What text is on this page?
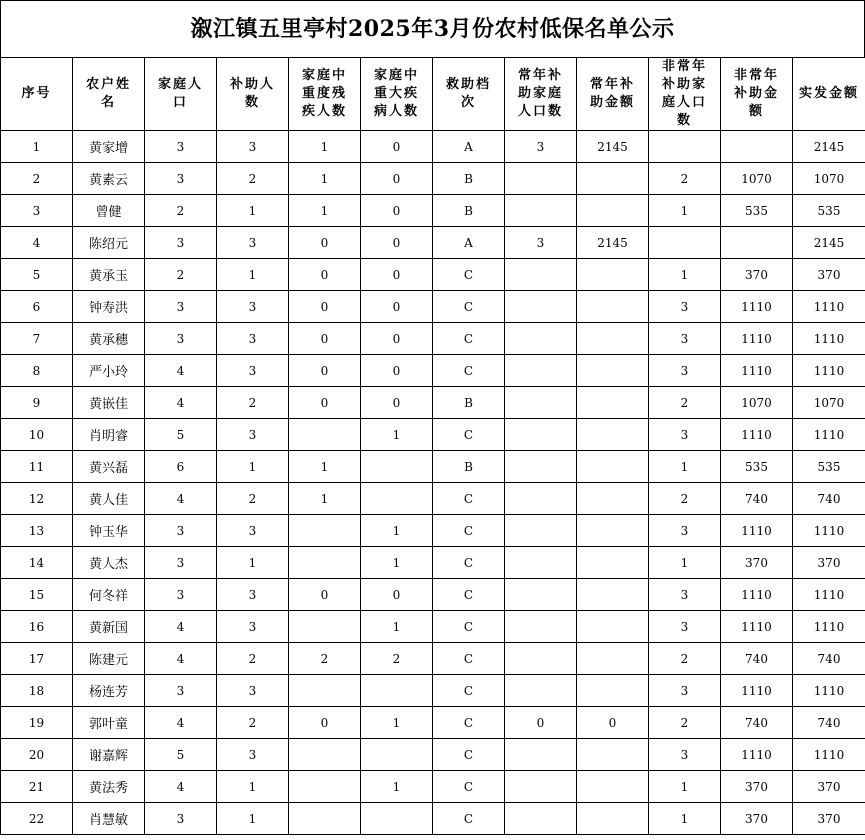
溆江镇五里亭村2025年3月份农村低保名单公示
序号	农户姓名	家庭人口	补助人数	家庭中重度残疾人数	家庭中重大疾病人数	救助档次	常年补助家庭人口数	常年补助金额	非常年补助家庭人口数	非常年补助金额	实发金额
1	黄家增	3	3	1	0	A	3	2145			2145
2	黄素云	3	2	1	0	B			2	1070	1070
3	曾健	2	1	1	0	B			1	535	535
4	陈绍元	3	3	0	0	A	3	2145			2145
5	黄承玉	2	1	0	0	C			1	370	370
6	钟寿洪	3	3	0	0	C			3	1110	1110
7	黄承穗	3	3	0	0	C			3	1110	1110
8	严小玲	4	3	0	0	C			3	1110	1110
9	黄嵌佳	4	2	0	0	B			2	1070	1070
10	肖明睿	5	3		1	C			3	1110	1110
11	黄兴磊	6	1	1		B			1	535	535
12	黄人佳	4	2	1		C			2	740	740
13	钟玉华	3	3		1	C			3	1110	1110
14	黄人杰	3	1		1	C			1	370	370
15	何冬祥	3	3	0	0	C			3	1110	1110
16	黄新国	4	3		1	C			3	1110	1110
17	陈建元	4	2	2	2	C			2	740	740
18	杨连芳	3	3			C			3	1110	1110
19	郭叶童	4	2	0	1	C	0	0	2	740	740
20	谢嘉辉	5	3			C			3	1110	1110
21	黄法秀	4	1		1	C			1	370	370
22	肖慧敏	3	1			C			1	370	370
